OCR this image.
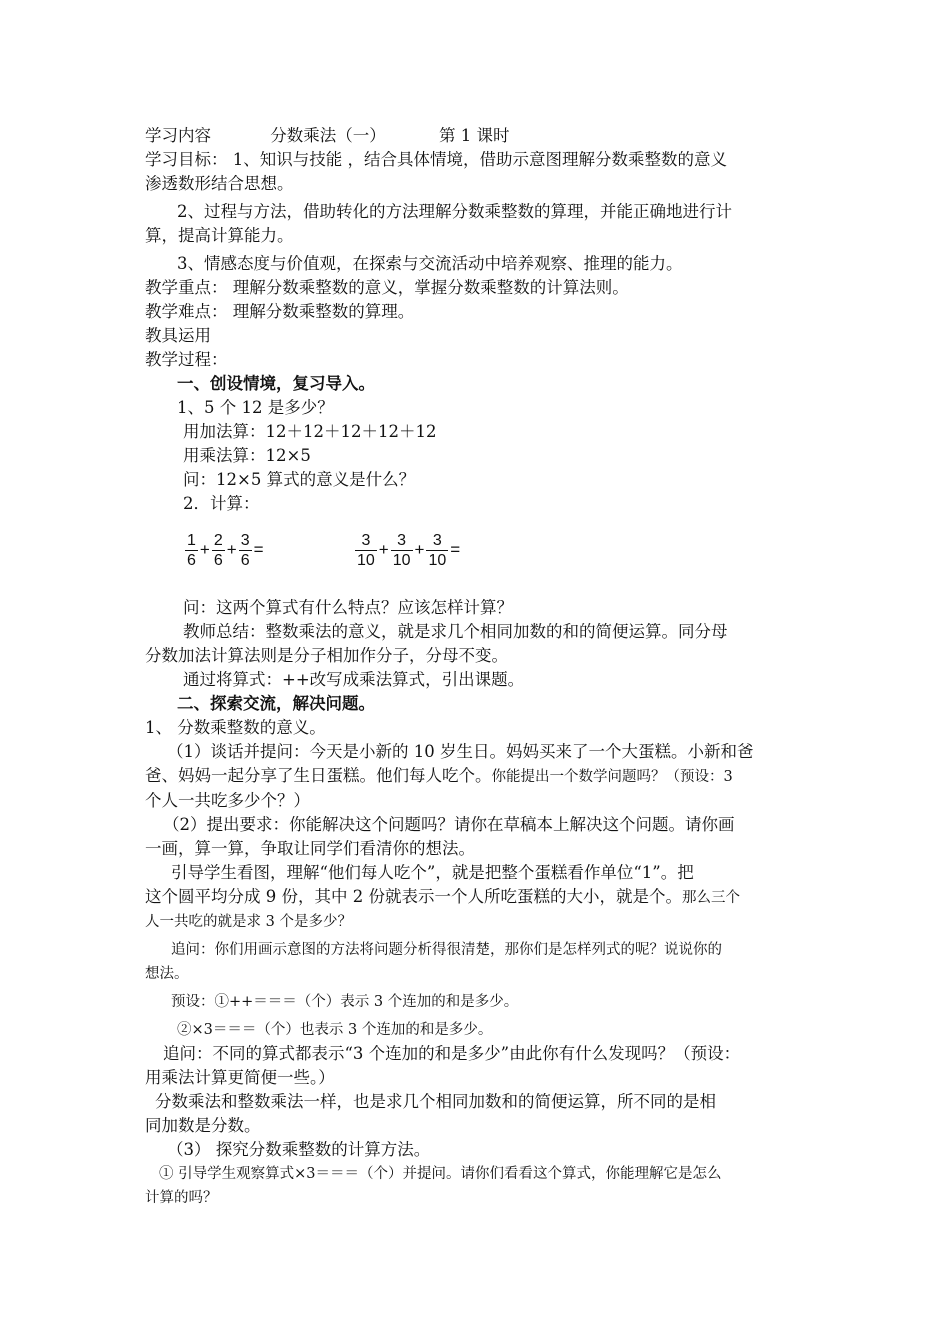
学习内容	分数乘法（一）	第 1 课时
学习目标： 1、知识与技能 ，结合具体情境，借助示意图理解分数乘整数的意义
渗透数形结合思想。
2、过程与方法，借助转化的方法理解分数乘整数的算理，并能正确地进行计
算，提高计算能力。
3、情感态度与价值观，在探索与交流活动中培养观察、推理的能力。
教学重点： 理解分数乘整数的意义，掌握分数乘整数的计算法则。
教学难点： 理解分数乘整数的算理。
教具运用
教学过程：
一、创设情境，复习导入。
1、5 个 12 是多少？
用加法算：12＋12＋12＋12＋12
用乘法算：12×5
问：12×5 算式的意义是什么？
2．计算：
$\frac{1}{6} + \frac{2}{6} + \frac{3}{6}$ =	$\frac{3}{10} + \frac{3}{10} + \frac{3}{10}$ =
问：这两个算式有什么特点？应该怎样计算？
教师总结：整数乘法的意义，就是求几个相同加数的和的简便运算。同分母
分数加法计算法则是分子相加作分子，分母不变。
通过将算式：++改写成乘法算式，引出课题。
二、探索交流，解决问题。
1、 分数乘整数的意义。
（1）谈话并提问：今天是小新的 10 岁生日。妈妈买来了一个大蛋糕。小新和爸
爸、妈妈一起分享了生日蛋糕。他们每人吃个。你能提出一个数学问题吗？（预设：3
个人一共吃多少个？）
（2）提出要求：你能解决这个问题吗？请你在草稿本上解决这个问题。请你画
一画，算一算，争取让同学们看清你的想法。
引导学生看图，理解“他们每人吃个”，就是把整个蛋糕看作单位“1”。把
这个圆平均分成 9 份，其中 2 份就表示一个人所吃蛋糕的大小，就是个。那么三个
人一共吃的就是求 3 个是多少？
追问：你们用画示意图的方法将问题分析得很清楚，那你们是怎样列式的呢？说说你的
想法。
预设：①++＝＝＝（个）表示 3 个连加的和是多少。
②×3＝＝＝（个）也表示 3 个连加的和是多少。
追问：不同的算式都表示“3 个连加的和是多少”由此你有什么发现吗？（预设：
用乘法计算更简便一些。）
分数乘法和整数乘法一样，也是求几个相同加数和的简便运算，所不同的是相
同加数是分数。
（3） 探究分数乘整数的计算方法。
① 引导学生观察算式×3＝＝＝（个）并提问。请你们看看这个算式，你能理解它是怎么
计算的吗？
